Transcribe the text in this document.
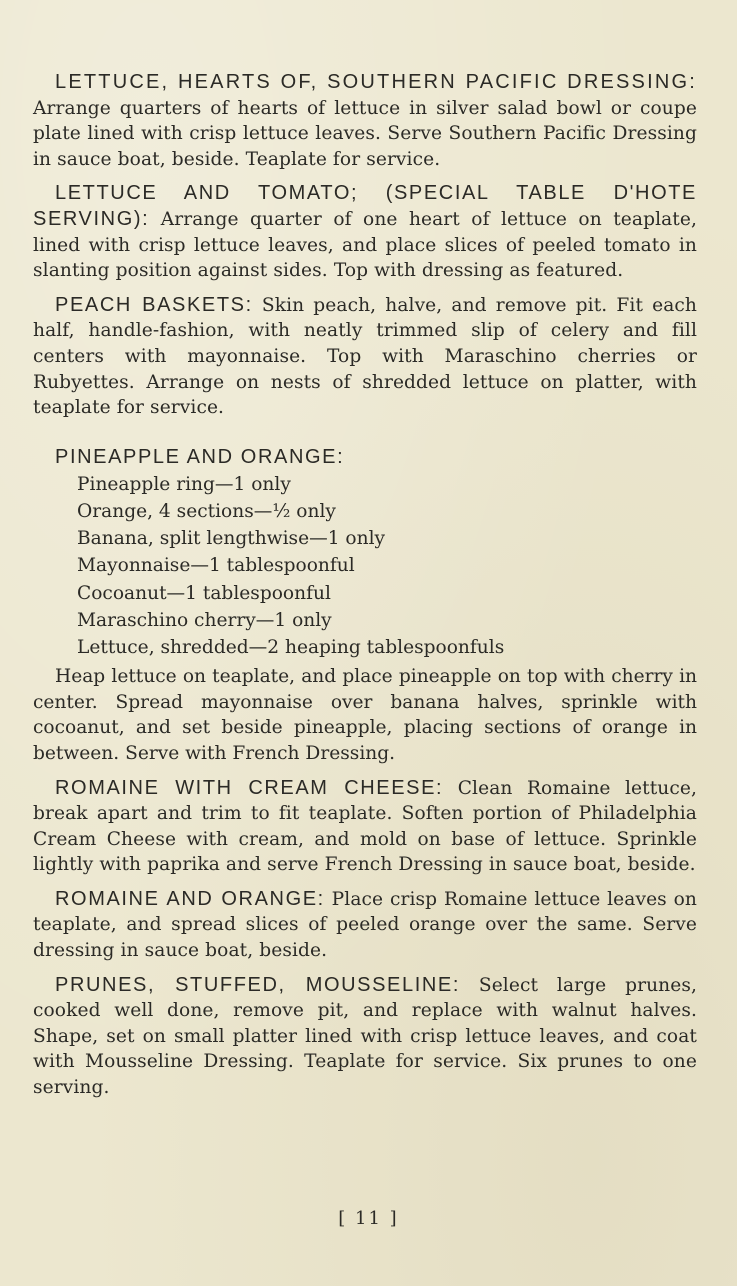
LETTUCE, HEARTS OF, SOUTHERN PACIFIC DRESSING: Arrange quarters of hearts of lettuce in silver salad bowl or coupe plate lined with crisp lettuce leaves. Serve Southern Pacific Dressing in sauce boat, beside. Teaplate for service.

LETTUCE AND TOMATO; (SPECIAL TABLE D'HOTE SERVING): Arrange quarter of one heart of lettuce on teaplate, lined with crisp lettuce leaves, and place slices of peeled tomato in slanting position against sides. Top with dressing as featured.

PEACH BASKETS: Skin peach, halve, and remove pit. Fit each half, handle-fashion, with neatly trimmed slip of celery and fill centers with mayonnaise. Top with Maraschino cherries or Rubyettes. Arrange on nests of shredded lettuce on platter, with teaplate for service.

PINEAPPLE AND ORANGE:
Pineapple ring—1 only
Orange, 4 sections—½ only
Banana, split lengthwise—1 only
Mayonnaise—1 tablespoonful
Cocoanut—1 tablespoonful
Maraschino cherry—1 only
Lettuce, shredded—2 heaping tablespoonfuls

Heap lettuce on teaplate, and place pineapple on top with cherry in center. Spread mayonnaise over banana halves, sprinkle with cocoanut, and set beside pineapple, placing sections of orange in between. Serve with French Dressing.

ROMAINE WITH CREAM CHEESE: Clean Romaine lettuce, break apart and trim to fit teaplate. Soften portion of Philadelphia Cream Cheese with cream, and mold on base of lettuce. Sprinkle lightly with paprika and serve French Dressing in sauce boat, beside.

ROMAINE AND ORANGE: Place crisp Romaine lettuce leaves on teaplate, and spread slices of peeled orange over the same. Serve dressing in sauce boat, beside.

PRUNES, STUFFED, MOUSSELINE: Select large prunes, cooked well done, remove pit, and replace with walnut halves. Shape, set on small platter lined with crisp lettuce leaves, and coat with Mousseline Dressing. Teaplate for service. Six prunes to one serving.

[ 11 ]
